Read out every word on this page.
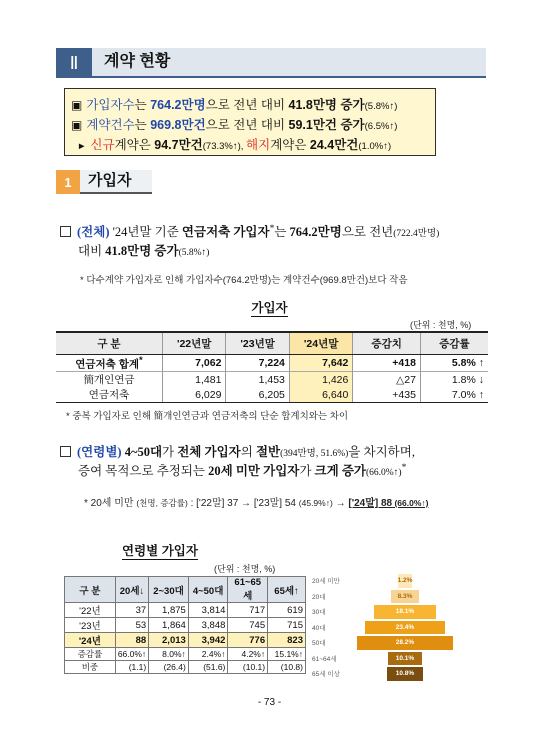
Ⅱ	계약 현황
▣ 가입자수는 764.2만명으로 전년 대비 41.8만명 증가(5.8%↑)
▣ 계약건수는 969.8만건으로 전년 대비 59.1만건 증가(6.5%↑)
► 신규계약은 94.7만건(73.3%↑), 해지계약은 24.4만건(1.0%↑)
1	가입자
(전체) '24년말 기준 연금저축 가입자*는 764.2만명으로 전년(722.4만명)
대비 41.8만명 증가(5.8%↑)
* 다수계약 가입자로 인해 가입자수(764.2만명)는 계약건수(969.8만건)보다 작음
가입자
(단위 : 천명, %)
구 분	'22년말	'23년말	'24년말	증감치	증감률
연금저축 합계*	7,062	7,224	7,642	+418	5.8% ↑
簡개인연금	1,481	1,453	1,426	△27	1.8% ↓
연금저축	6,029	6,205	6,640	+435	7.0% ↑
* 중복 가입자로 인해 簡개인연금과 연금저축의 단순 합계치와는 차이
(연령별) 4~50대가 전체 가입자의 절반(394만명, 51.6%)을 차지하며,
증여 목적으로 추정되는 20세 미만 가입자가 크게 증가(66.0%↑)*
* 20세 미만 (천명, 증감률) : ['22말] 37 → ['23말] 54 (45.9%↑) → ['24말] 88 (66.0%↑)
연령별 가입자
(단위 : 천명, %)
구 분	20세↓	2~30대	4~50대	61~65세	65세↑
'22년	37	1,875	3,814	717	619
'23년	53	1,864	3,848	745	715
'24년	88	2,013	3,942	776	823
증감률	66.0%↑	8.0%↑	2.4%↑	4.2%↑	15.1%↑
비중	(1.1)	(26.4)	(51.6)	(10.1)	(10.8)
20세 미만	1.2%
20대	8.3%
30대	18.1%
40대	23.4%
50대	28.2%
61~64세	10.1%
65세 이상	10.8%
- 73 -
